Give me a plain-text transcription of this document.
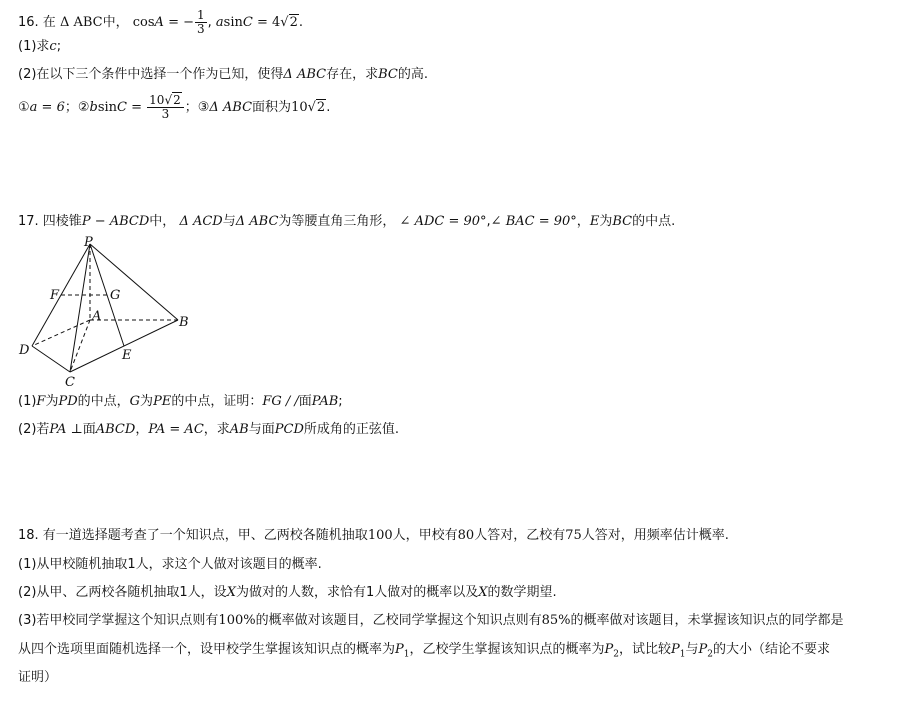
16. 在 Δ ABC中， cosA = − $\frac{1}{3}$ , asinC = 4√2.
(1)求c;
(2)在以下三个条件中选择一个作为已知，使得Δ ABC存在，求BC的高.
①a = 6；②bsinC = $\frac{10√2}{3}$ ；③Δ ABC面积为10√2.
17. 四棱锥P − ABCD中， Δ ACD与Δ ABC为等腰直角三角形， ∠ ADC = 90°,∠ BAC = 90°，E为BC的中点.
P
F	G
A	B
D	E
C
(1)F为PD的中点，G为PE的中点，证明：FG / /面PAB;
(2)若PA ⊥面ABCD，PA = AC，求AB与面PCD所成角的正弦值.
18. 有一道选择题考查了一个知识点，甲、乙两校各随机抽取100人，甲校有80人答对，乙校有75人答对，用频率估计概率.
(1)从甲校随机抽取1人，求这个人做对该题目的概率.
(2)从甲、乙两校各随机抽取1人，设X为做对的人数，求恰有1人做对的概率以及X的数学期望.
(3)若甲校同学掌握这个知识点则有100%的概率做对该题目，乙校同学掌握这个知识点则有85%的概率做对该题目，未掌握该知识点的同学都是
从四个选项里面随机选择一个，设甲校学生掌握该知识点的概率为$P_1$，乙校学生掌握该知识点的概率为$P_2$，试比较$P_1$与$P_2$的大小（结论不要求
证明）
